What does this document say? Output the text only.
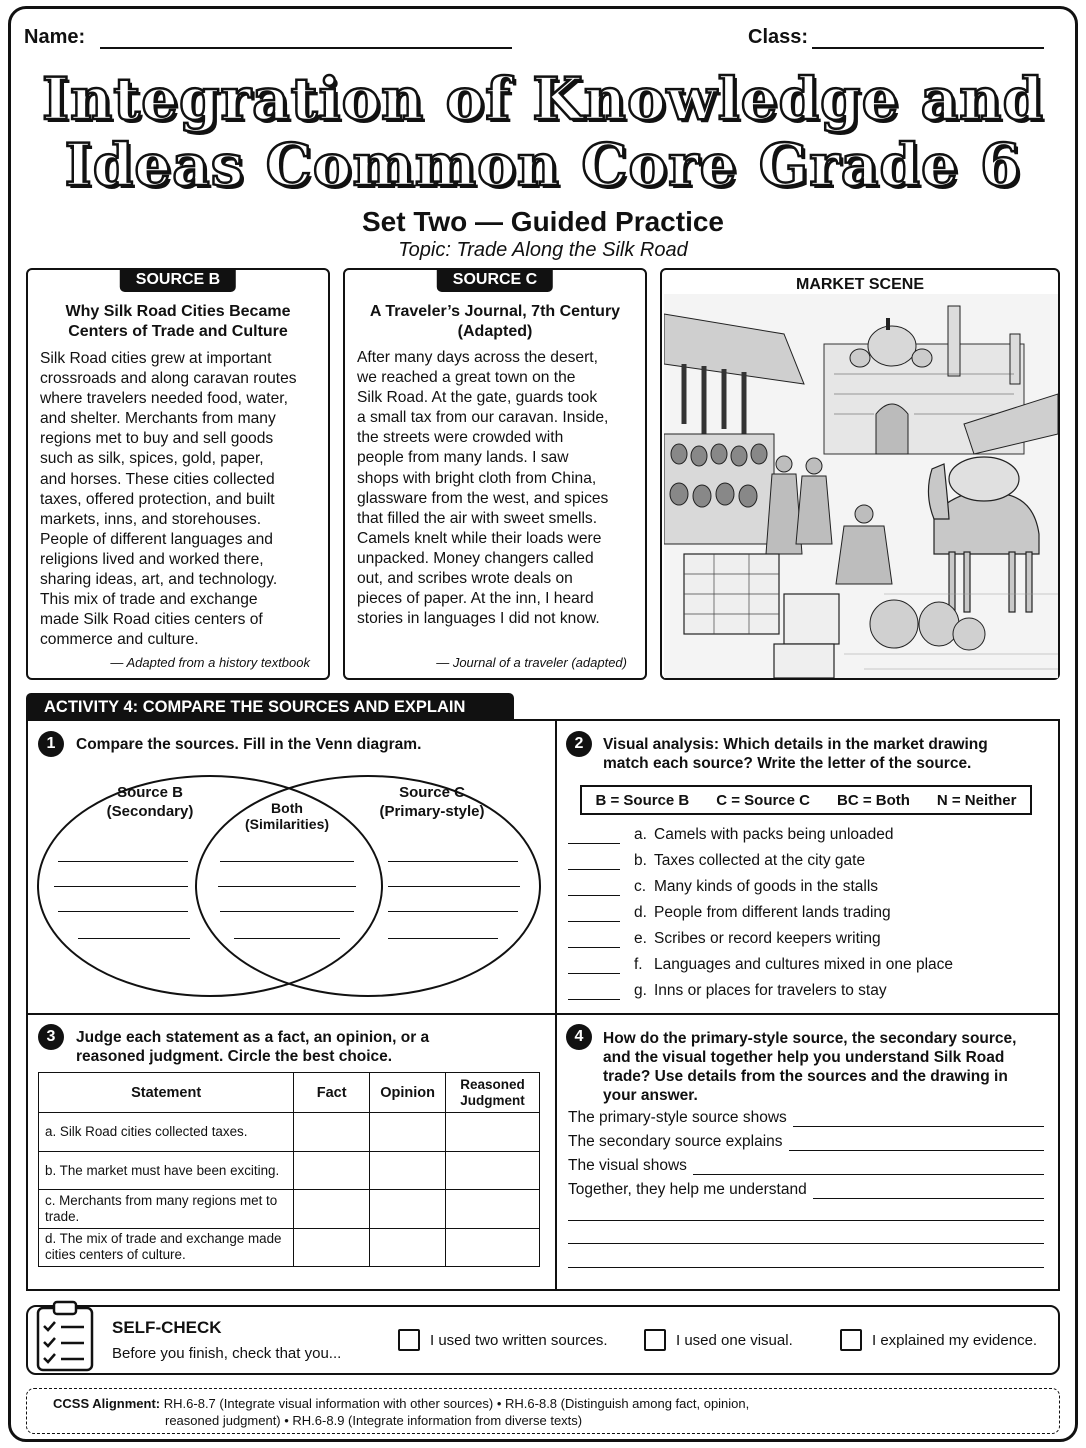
Name:	Class:
Integration of Knowledge and
Ideas Common Core Grade 6
Set Two — Guided Practice
Topic: Trade Along the Silk Road
SOURCE B
Why Silk Road Cities Became Centers of Trade and Culture
Silk Road cities grew at important
crossroads and along caravan routes
where travelers needed food, water,
and shelter. Merchants from many
regions met to buy and sell goods
such as silk, spices, gold, paper,
and horses. These cities collected
taxes, offered protection, and built
markets, inns, and storehouses.
People of different languages and
religions lived and worked there,
sharing ideas, art, and technology.
This mix of trade and exchange
made Silk Road cities centers of
commerce and culture.
— Adapted from a history textbook
SOURCE C
A Traveler’s Journal, 7th Century (Adapted)
After many days across the desert,
we reached a great town on the
Silk Road. At the gate, guards took
a small tax from our caravan. Inside,
the streets were crowded with
people from many lands. I saw
shops with bright cloth from China,
glassware from the west, and spices
that filled the air with sweet smells.
Camels knelt while their loads were
unpacked. Money changers called
out, and scribes wrote deals on
pieces of paper. At the inn, I heard
stories in languages I did not know.
— Journal of a traveler (adapted)
MARKET SCENE
ACTIVITY 4: COMPARE THE SOURCES AND EXPLAIN
1	Compare the sources. Fill in the Venn diagram.
Source B
(Secondary)	Both
(Similarities)
Source C
(Primary-style)
2	Visual analysis: Which details in the market drawing match each source? Write the letter of the source.
B = Source B C = Source C BC = Both N = Neither
a. Camels with packs being unloaded
b. Taxes collected at the city gate
c. Many kinds of goods in the stalls
d. People from different lands trading
e. Scribes or record keepers writing
f. Languages and cultures mixed in one place
g. Inns or places for travelers to stay
3	Judge each statement as a fact, an opinion, or a reasoned judgment. Circle the best choice.
Statement	Fact	Opinion	Reasoned Judgment
a. Silk Road cities collected taxes.			
b. The market must have been exciting.			
c. Merchants from many regions met to trade.			
d. The mix of trade and exchange made cities centers of culture.			
4	How do the primary-style source, the secondary source, and the visual together help you understand Silk Road trade? Use details from the sources and the drawing in your answer.
The primary-style source shows
The secondary source explains
The visual shows
Together, they help me understand
SELF-CHECK
Before you finish, check that you...
I used two written sources.	I used one visual.	I explained my evidence.
CCSS Alignment: RH.6-8.7 (Integrate visual information with other sources) • RH.6-8.8 (Distinguish among fact, opinion,
reasoned judgment) • RH.6-8.9 (Integrate information from diverse texts)
